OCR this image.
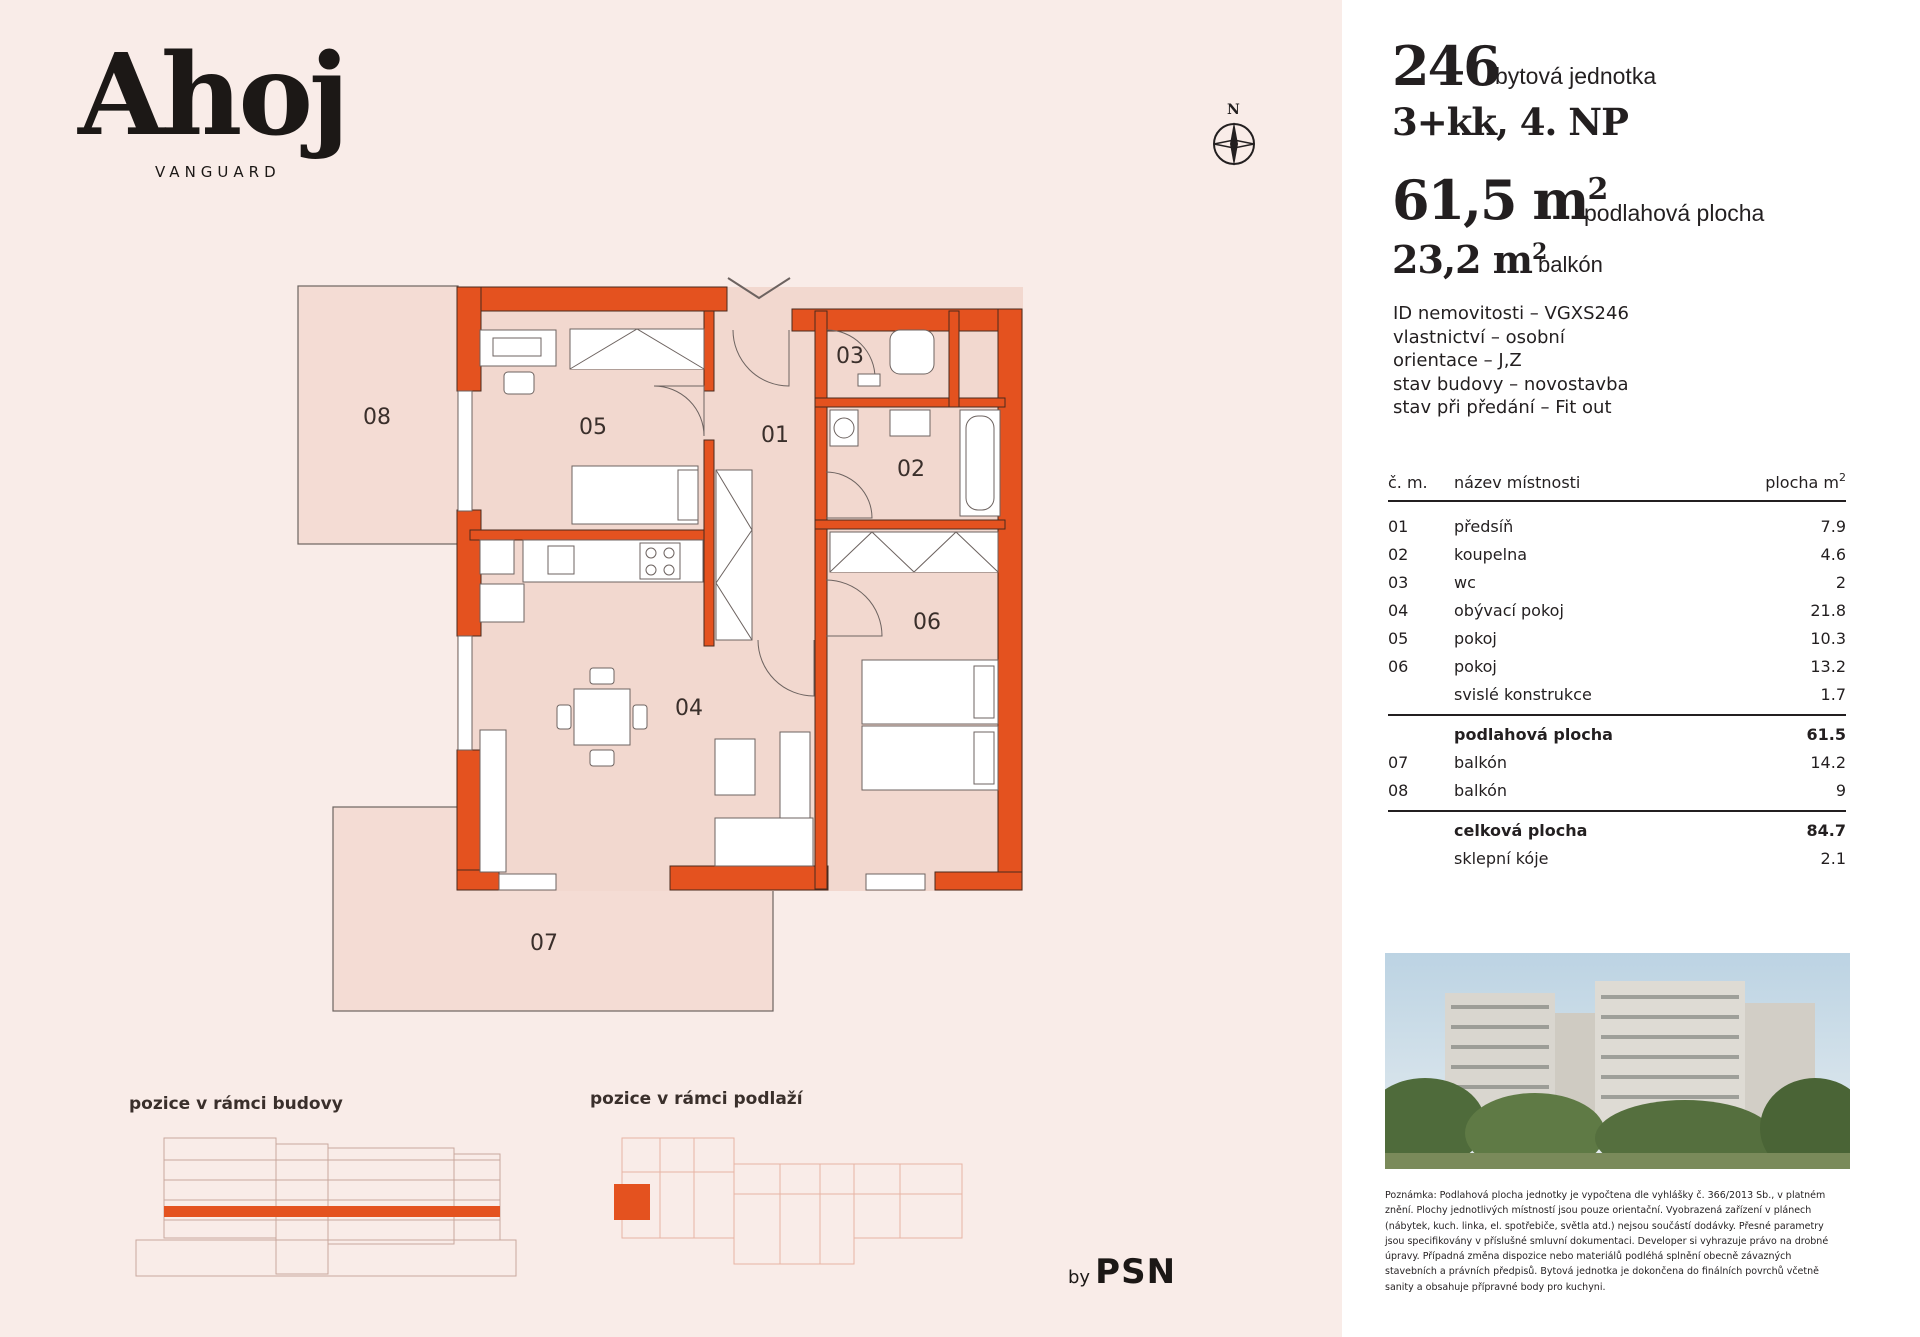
Ahoj
VANGUARD
N
08	05	01
03
02
06
04
07
pozice v rámci budovy	pozice v rámci podlaží
by PSN
246
bytová jednotka
3+kk, 4. NP
61,5 $m^2$
podlahová plocha
23,2 $m^2$
balkón
ID nemovitosti – VGXS246
vlastnictví – osobní
orientace – J,Z
stav budovy – novostavba
stav při předání – Fit out
č. m.	název místnosti	plocha $m^2$
01	předsíň	7.9
02	koupelna	4.6
03	wc	2
04	obývací pokoj	21.8
05	pokoj	10.3
06	pokoj	13.2
svislé konstrukce	1.7
podlahová plocha	61.5
07	balkón	14.2
08	balkón	9
celková plocha	84.7
sklepní kóje	2.1
Poznámka: Podlahová plocha jednotky je vypočtena dle vyhlášky č. 366/2013 Sb., v platném znění. Plochy jednotlivých místností jsou pouze orientační. Vyobrazená zařízení v plánech (nábytek, kuch. linka, el. spotřebiče, světla atd.) nejsou součástí dodávky. Přesné parametry jsou specifikovány v příslušné smluvní dokumentaci. Developer si vyhrazuje právo na drobné úpravy. Případná změna dispozice nebo materiálů podléhá splnění obecně závazných stavebních a právních předpisů. Bytová jednotka je dokončena do finálních povrchů včetně sanity a obsahuje přípravné body pro kuchyni.
